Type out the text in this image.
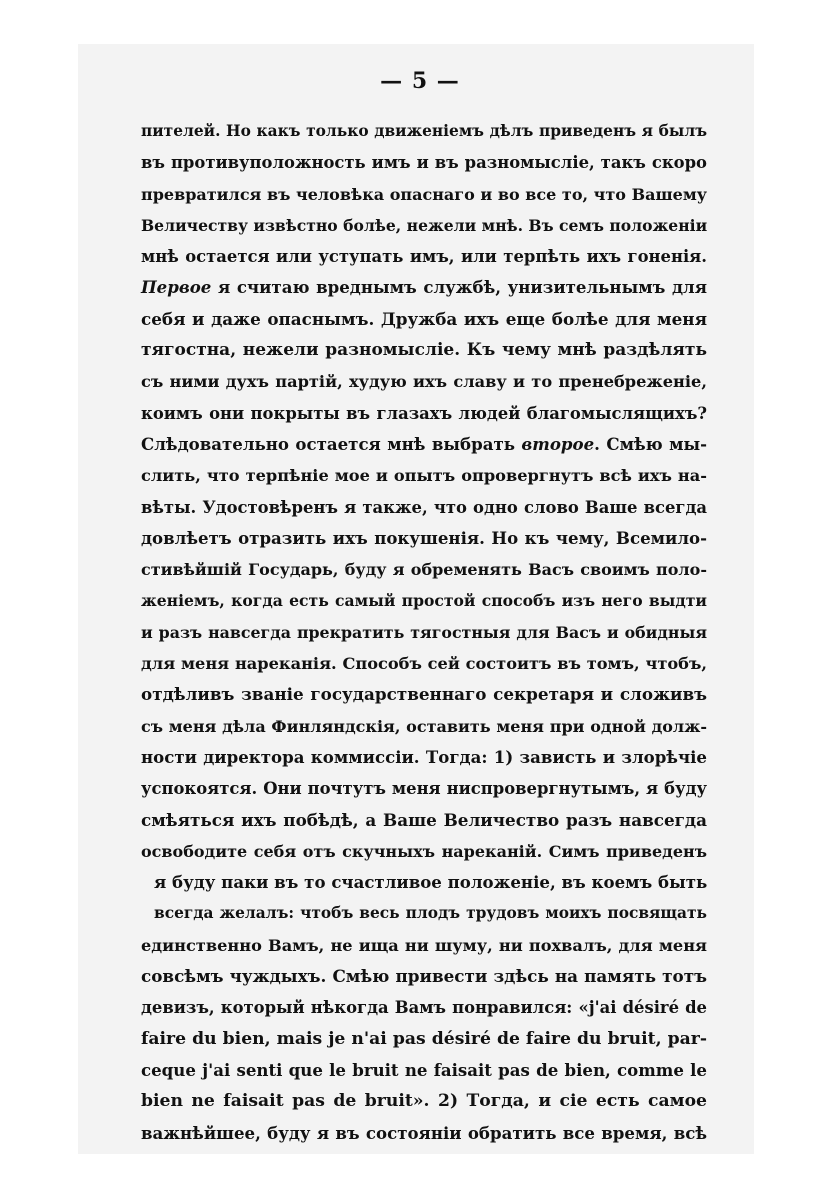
— 5 —
пителей. Но какъ только движеніемъ дѣлъ приведенъ я былъ
въ противуположность имъ и въ разномысліе, такъ скоро
превратился въ человѣка опаснаго и во все то, что Вашему
Величеству извѣстно болѣе, нежели мнѣ. Въ семъ положеніи
мнѣ остается или уступать имъ, или терпѣть ихъ гоненія.
Первое я считаю вреднымъ службѣ, унизительнымъ для
себя и даже опаснымъ. Дружба ихъ еще болѣе для меня
тягостна, нежели разномысліе. Къ чему мнѣ раздѣлять
съ ними духъ партій, худую ихъ славу и то пренебреженіе,
коимъ они покрыты въ глазахъ людей благомыслящихъ?
Слѣдовательно остается мнѣ выбрать второе. Смѣю мы-
слить, что терпѣніе мое и опытъ опровергнутъ всѣ ихъ на-
вѣты. Удостовѣренъ я также, что одно слово Ваше всегда
довлѣетъ отразить ихъ покушенія. Но къ чему, Всемило-
стивѣйшій Государь, буду я обременять Васъ своимъ поло-
женіемъ, когда есть самый простой способъ изъ него выдти
и разъ навсегда прекратить тягостныя для Васъ и обидныя
для меня нареканія. Способъ сей состоитъ въ томъ, чтобъ,
отдѣливъ званіе государственнаго секретаря и сложивъ
съ меня дѣла Финляндскія, оставить меня при одной долж-
ности директора коммиссіи. Тогда: 1) зависть и злорѣчіе
успокоятся. Они почтутъ меня ниспровергнутымъ, я буду
смѣяться ихъ побѣдѣ, а Ваше Величество разъ навсегда
освободите себя отъ скучныхъ нареканій. Симъ приведенъ
я буду паки въ то счастливое положеніе, въ коемъ быть
всегда желалъ: чтобъ весь плодъ трудовъ моихъ посвящать
единственно Вамъ, не ища ни шуму, ни похвалъ, для меня
совсѣмъ чуждыхъ. Смѣю привести здѣсь на память тотъ
девизъ, который нѣкогда Вамъ понравился: «j'ai désiré de
faire du bien, mais je n'ai pas désiré de faire du bruit, par-
ceque j'ai senti que le bruit ne faisait pas de bien, comme le
bien ne faisait pas de bruit». 2) Тогда, и сіе есть самое
важнѣйшее, буду я въ состояніи обратить все время, всѣ
